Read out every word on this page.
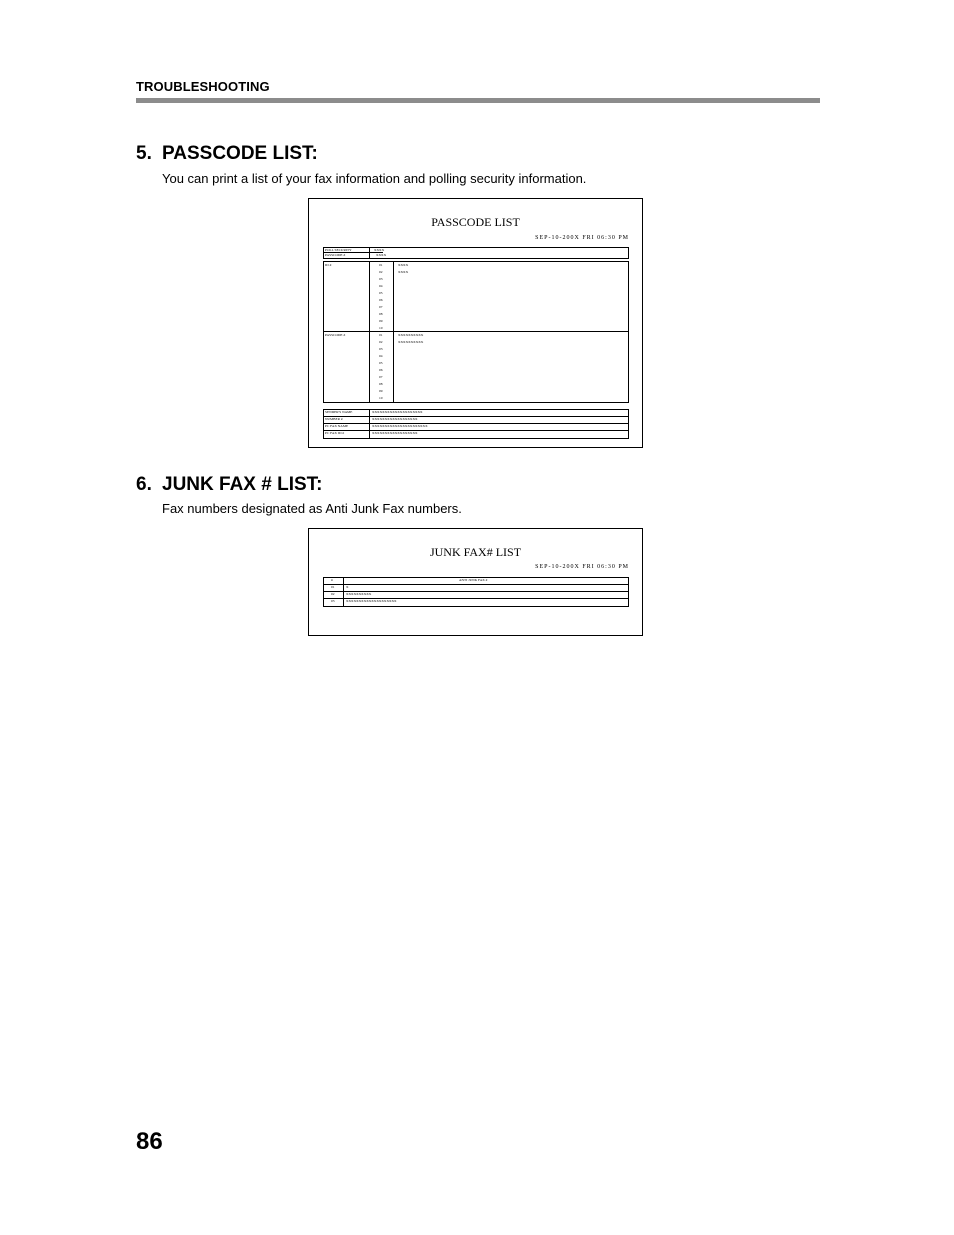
TROUBLESHOOTING
5. PASSCODE LIST:
You can print a list of your fax information and polling security information.
PASSCODE LIST
SEP-10-200X FRI 06:30 PM
POLL SECURITY	XXXX
PASSCODE #	XXXX
ID #	01	XXXX
02	XXXX
03
04
05
06
07
08
09
10
PASSCODE #	01	XXXXXXXXXX
02	XXXXXXXXXX
03
04
05
06
07
08
09
10
SENDER'S NAME	XXXXXXXXXXXXXXXXXXXX
NUMBER #	XXXXXXXXXXXXXXXXXX
PC FAX NAME	XXXXXXXXXXXXXXXXXXXXXX
PC FAX ID #	XXXXXXXXXXXXXXXXXX
6. JUNK FAX # LIST:
Fax numbers designated as Anti Junk Fax numbers.
JUNK FAX# LIST
SEP-10-200X FRI 06:30 PM
#	ANTI JUNK FAX #
01	X
02	XXXXXXXXXX
03	XXXXXXXXXXXXXXXXXXXX
86
